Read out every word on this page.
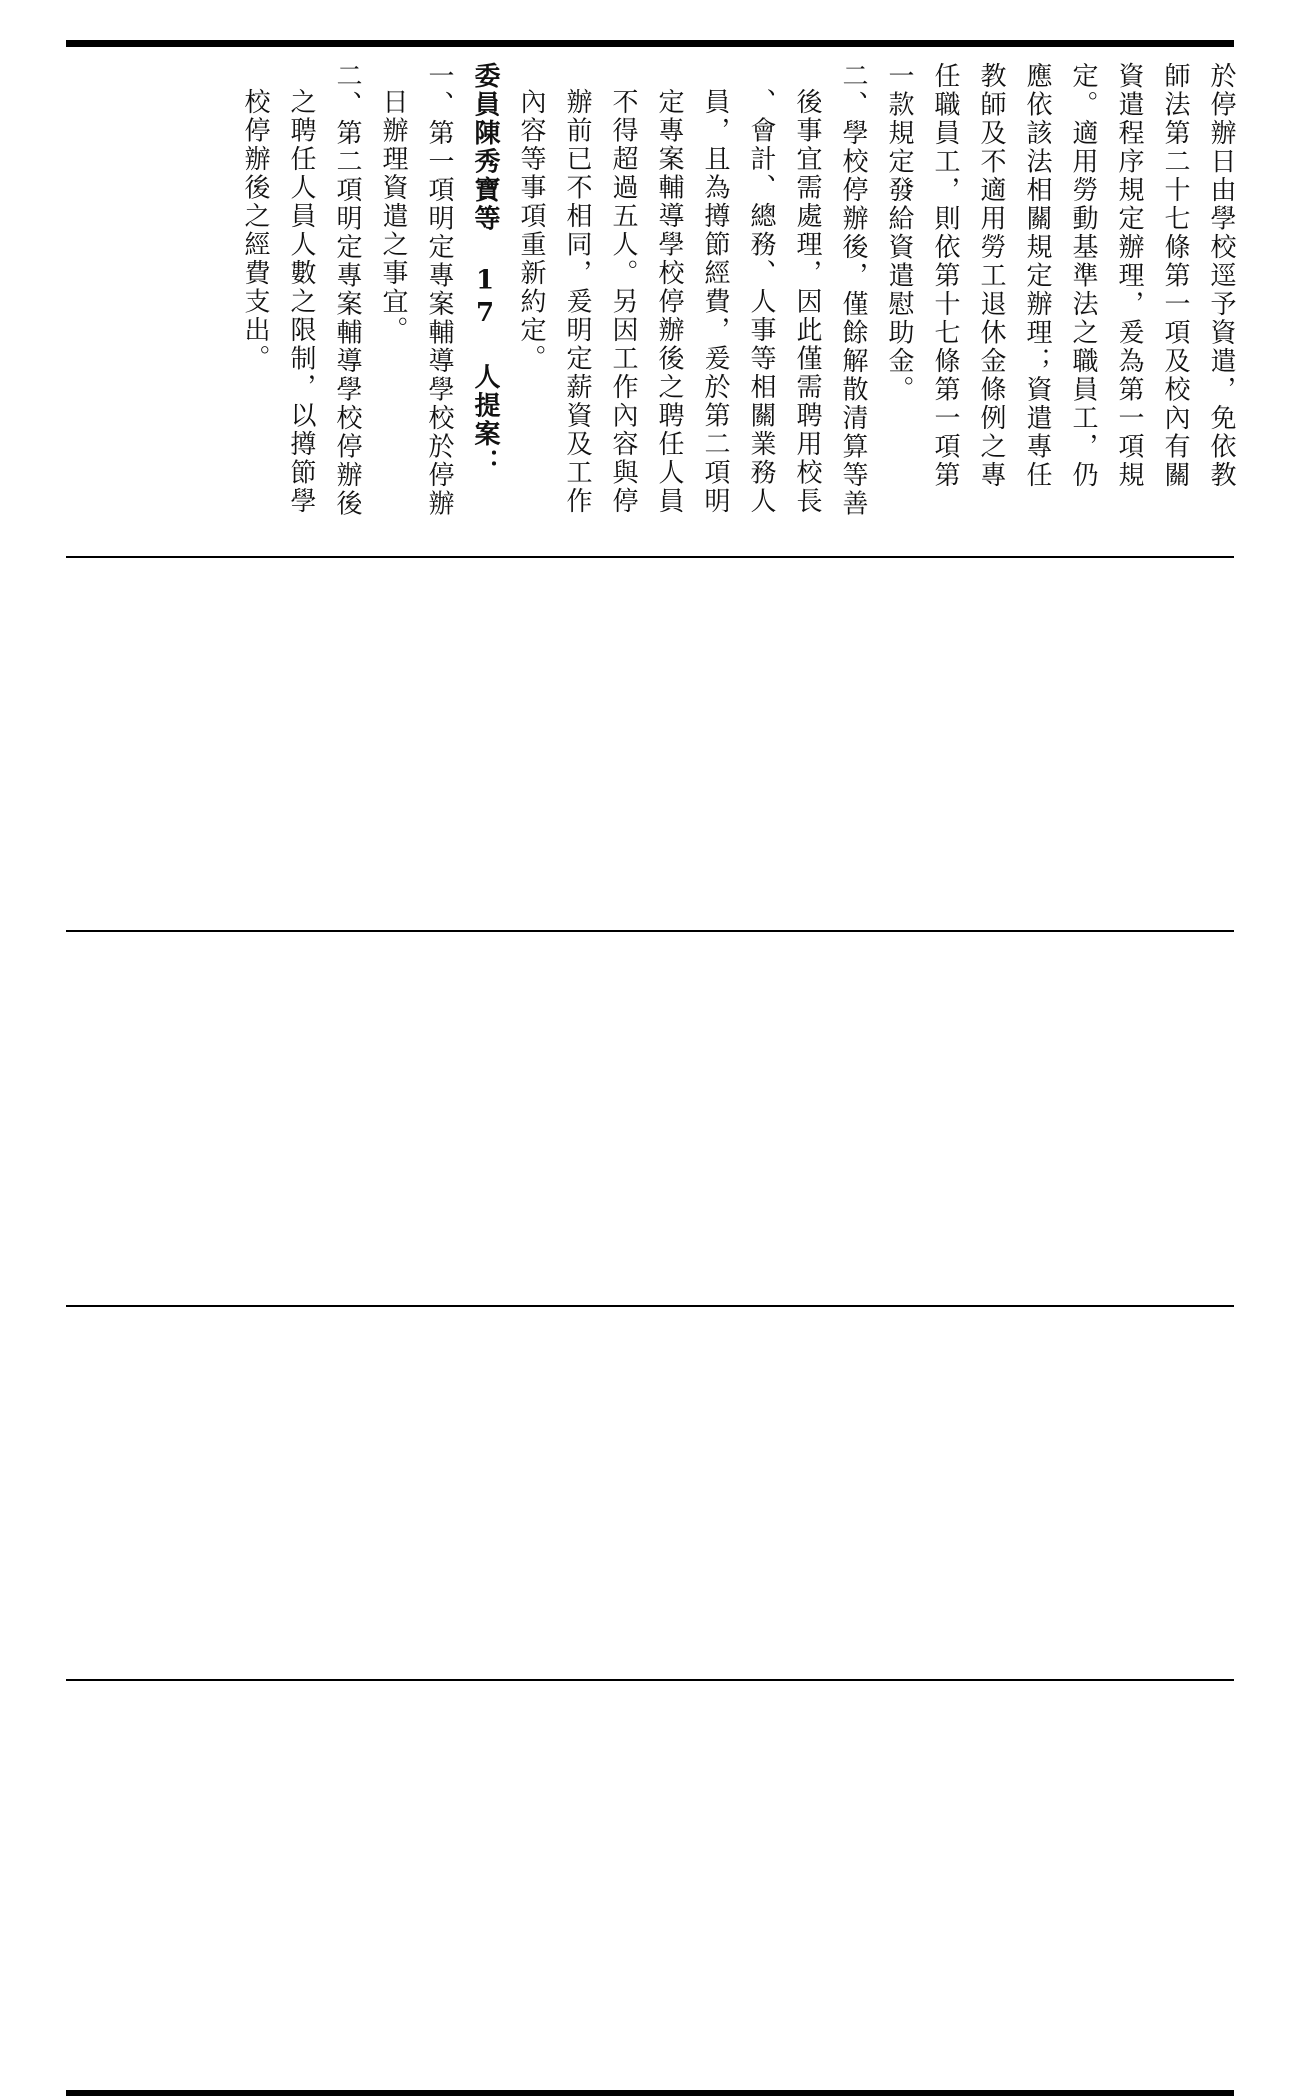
於停辦日由學校逕予資遣，免依教
師法第二十七條第一項及校內有關
資遣程序規定辦理，爰為第一項規
定。適用勞動基準法之職員工，仍
應依該法相關規定辦理；資遣專任
教師及不適用勞工退休金條例之專
任職員工，則依第十七條第一項第
一款規定發給資遣慰助金。
二、學校停辦後，僅餘解散清算等善
後事宜需處理，因此僅需聘用校長
、會計、總務、人事等相關業務人
員，且為撙節經費，爰於第二項明
定專案輔導學校停辦後之聘任人員
不得超過五人。另因工作內容與停
辦前已不相同，爰明定薪資及工作
內容等事項重新約定。
委員陳秀寶等 17 人提案：
一、第一項明定專案輔導學校於停辦
日辦理資遣之事宜。
二、第二項明定專案輔導學校停辦後
之聘任人員人數之限制，以撙節學
校停辦後之經費支出。
